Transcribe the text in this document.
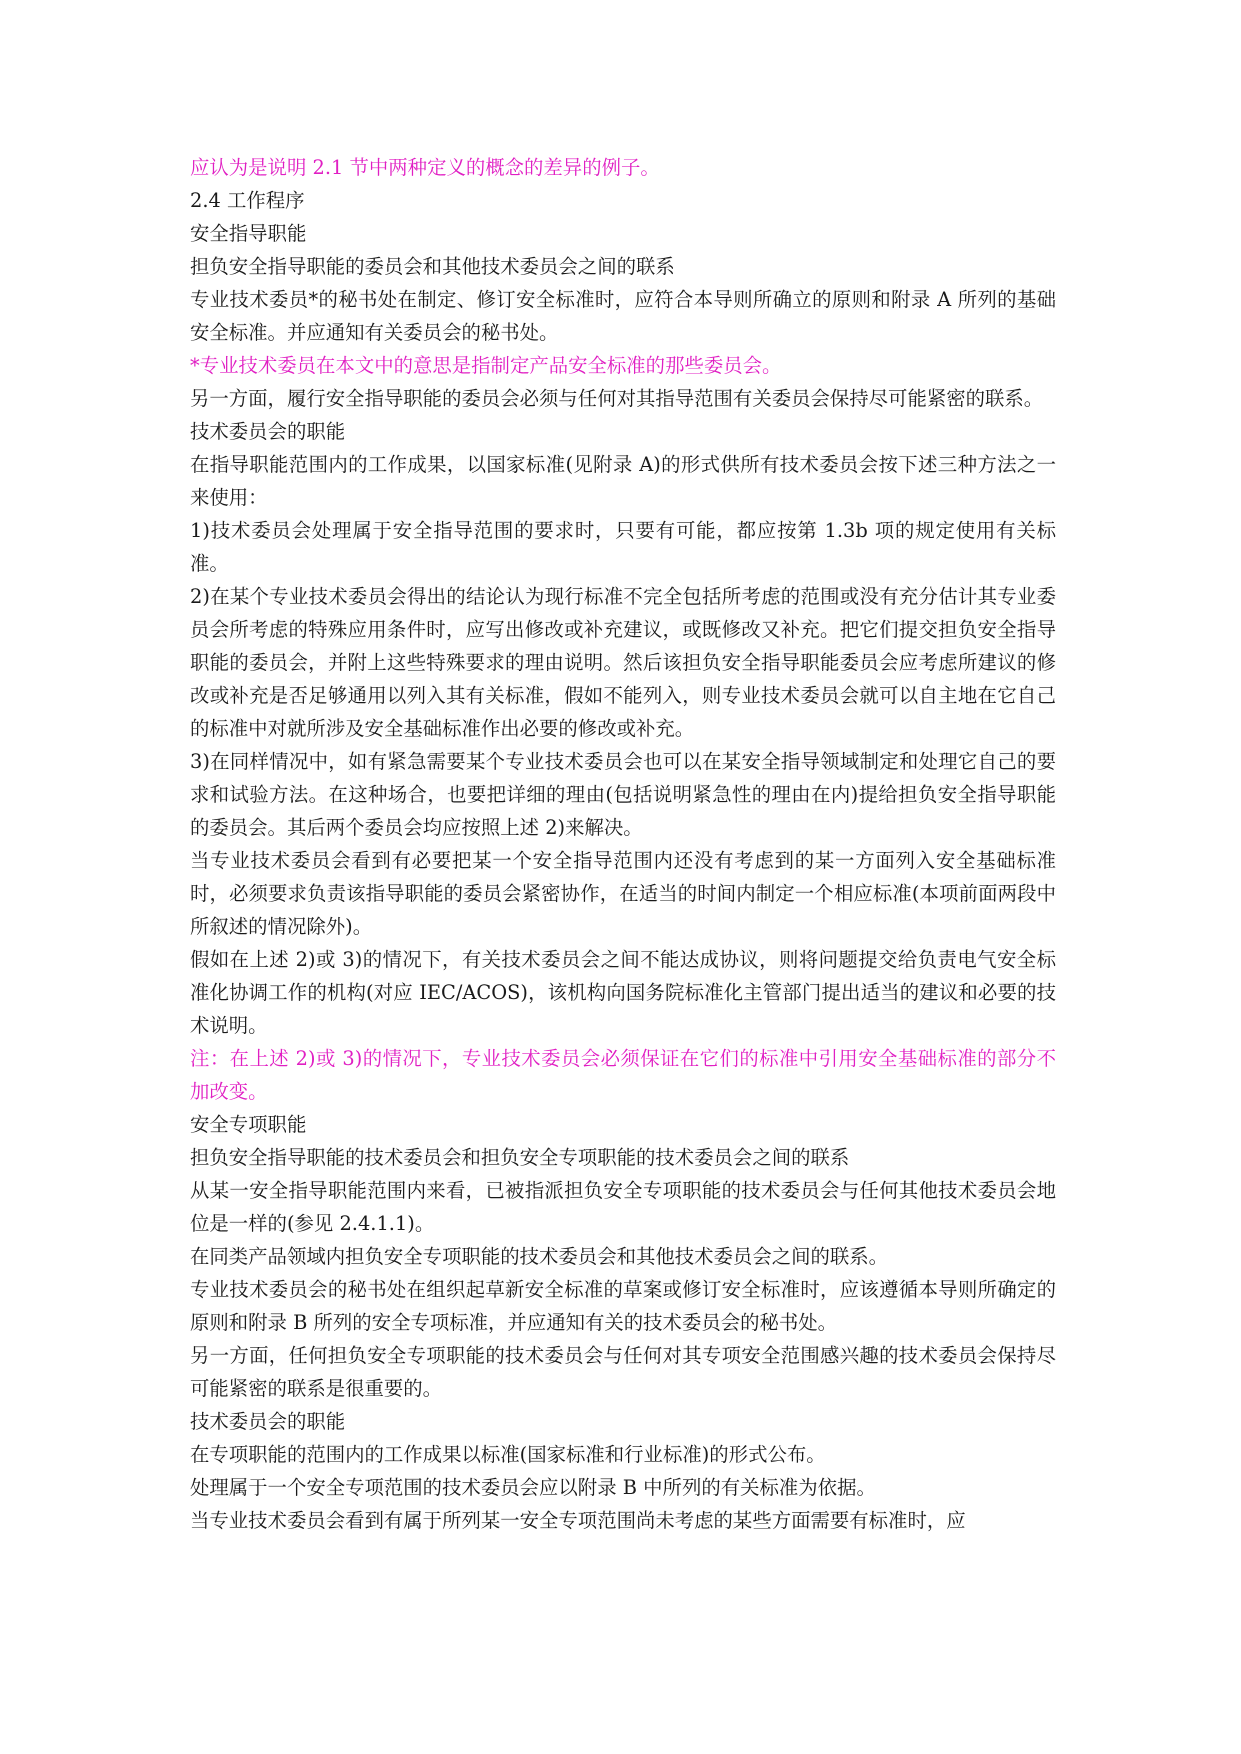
应认为是说明 2.1 节中两种定义的概念的差异的例子。

2.4 工作程序

安全指导职能

担负安全指导职能的委员会和其他技术委员会之间的联系

专业技术委员*的秘书处在制定、修订安全标准时，应符合本导则所确立的原则和附录 A 所列的基础安全标准。并应通知有关委员会的秘书处。

*专业技术委员在本文中的意思是指制定产品安全标准的那些委员会。

另一方面，履行安全指导职能的委员会必须与任何对其指导范围有关委员会保持尽可能紧密的联系。

技术委员会的职能

在指导职能范围内的工作成果，以国家标准(见附录 A)的形式供所有技术委员会按下述三种方法之一来使用：

1)技术委员会处理属于安全指导范围的要求时，只要有可能，都应按第 1.3b 项的规定使用有关标准。

2)在某个专业技术委员会得出的结论认为现行标准不完全包括所考虑的范围或没有充分估计其专业委员会所考虑的特殊应用条件时，应写出修改或补充建议，或既修改又补充。把它们提交担负安全指导职能的委员会，并附上这些特殊要求的理由说明。然后该担负安全指导职能委员会应考虑所建议的修改或补充是否足够通用以列入其有关标准，假如不能列入，则专业技术委员会就可以自主地在它自己的标准中对就所涉及安全基础标准作出必要的修改或补充。

3)在同样情况中，如有紧急需要某个专业技术委员会也可以在某安全指导领域制定和处理它自己的要求和试验方法。在这种场合，也要把详细的理由(包括说明紧急性的理由在内)提给担负安全指导职能的委员会。其后两个委员会均应按照上述 2)来解决。

当专业技术委员会看到有必要把某一个安全指导范围内还没有考虑到的某一方面列入安全基础标准时，必须要求负责该指导职能的委员会紧密协作，在适当的时间内制定一个相应标准(本项前面两段中所叙述的情况除外)。

假如在上述 2)或 3)的情况下，有关技术委员会之间不能达成协议，则将问题提交给负责电气安全标准化协调工作的机构(对应 IEC/ACOS)，该机构向国务院标准化主管部门提出适当的建议和必要的技术说明。

注：在上述 2)或 3)的情况下，专业技术委员会必须保证在它们的标准中引用安全基础标准的部分不加改变。

安全专项职能

担负安全指导职能的技术委员会和担负安全专项职能的技术委员会之间的联系

从某一安全指导职能范围内来看，已被指派担负安全专项职能的技术委员会与任何其他技术委员会地位是一样的(参见 2.4.1.1)。

在同类产品领域内担负安全专项职能的技术委员会和其他技术委员会之间的联系。

专业技术委员会的秘书处在组织起草新安全标准的草案或修订安全标准时，应该遵循本导则所确定的原则和附录 B 所列的安全专项标准，并应通知有关的技术委员会的秘书处。

另一方面，任何担负安全专项职能的技术委员会与任何对其专项安全范围感兴趣的技术委员会保持尽可能紧密的联系是很重要的。

技术委员会的职能

在专项职能的范围内的工作成果以标准(国家标准和行业标准)的形式公布。

处理属于一个安全专项范围的技术委员会应以附录 B 中所列的有关标准为依据。

当专业技术委员会看到有属于所列某一安全专项范围尚未考虑的某些方面需要有标准时，应
